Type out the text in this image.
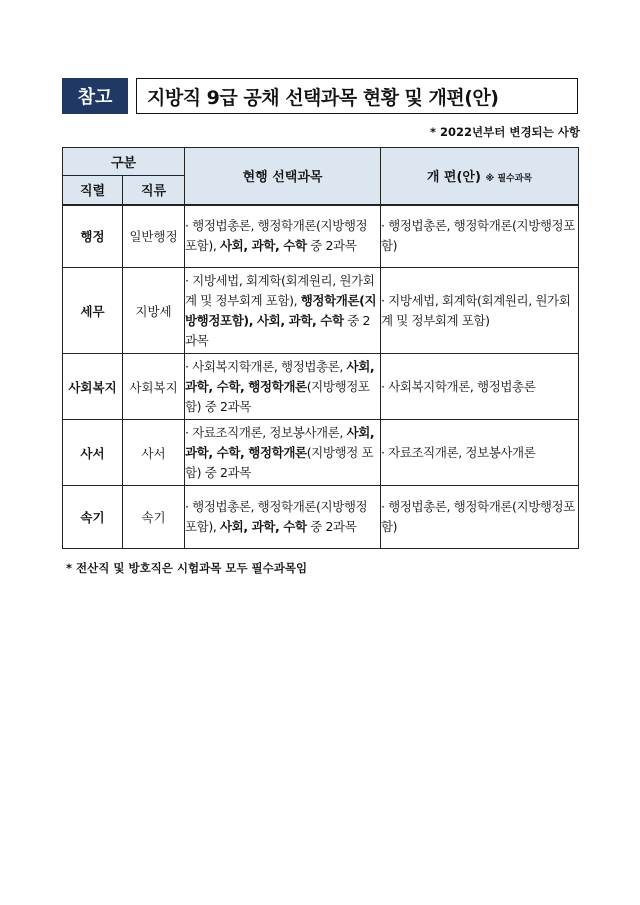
참고	지방직 9급 공채 선택과목 현황 및 개편(안)
* 2022년부터 변경되는 사항
구분		현행 선택과목	개 편(안) ※ 필수과목
직렬	직류		
행정	일반행정	· 행정법총론, 행정학개론(지방행정 포함), 사회, 과학, 수학 중 2과목	· 행정법총론, 행정학개론(지방행정포함)
세무	지방세	· 지방세법, 회계학(회계원리, 원가회계 및 정부회계 포함), 행정학개론(지방행정포함), 사회, 과학, 수학 중 2과목	· 지방세법, 회계학(회계원리, 원가회계 및 정부회계 포함)
사회복지	사회복지	· 사회복지학개론, 행정법총론, 사회, 과학, 수학, 행정학개론(지방행정포함) 중 2과목	· 사회복지학개론, 행정법총론
사서	사서	· 자료조직개론, 정보봉사개론, 사회, 과학, 수학, 행정학개론(지방행정 포함) 중 2과목	· 자료조직개론, 정보봉사개론
속기	속기	· 행정법총론, 행정학개론(지방행정 포함), 사회, 과학, 수학 중 2과목	· 행정법총론, 행정학개론(지방행정포함)
* 전산직 및 방호직은 시험과목 모두 필수과목임
